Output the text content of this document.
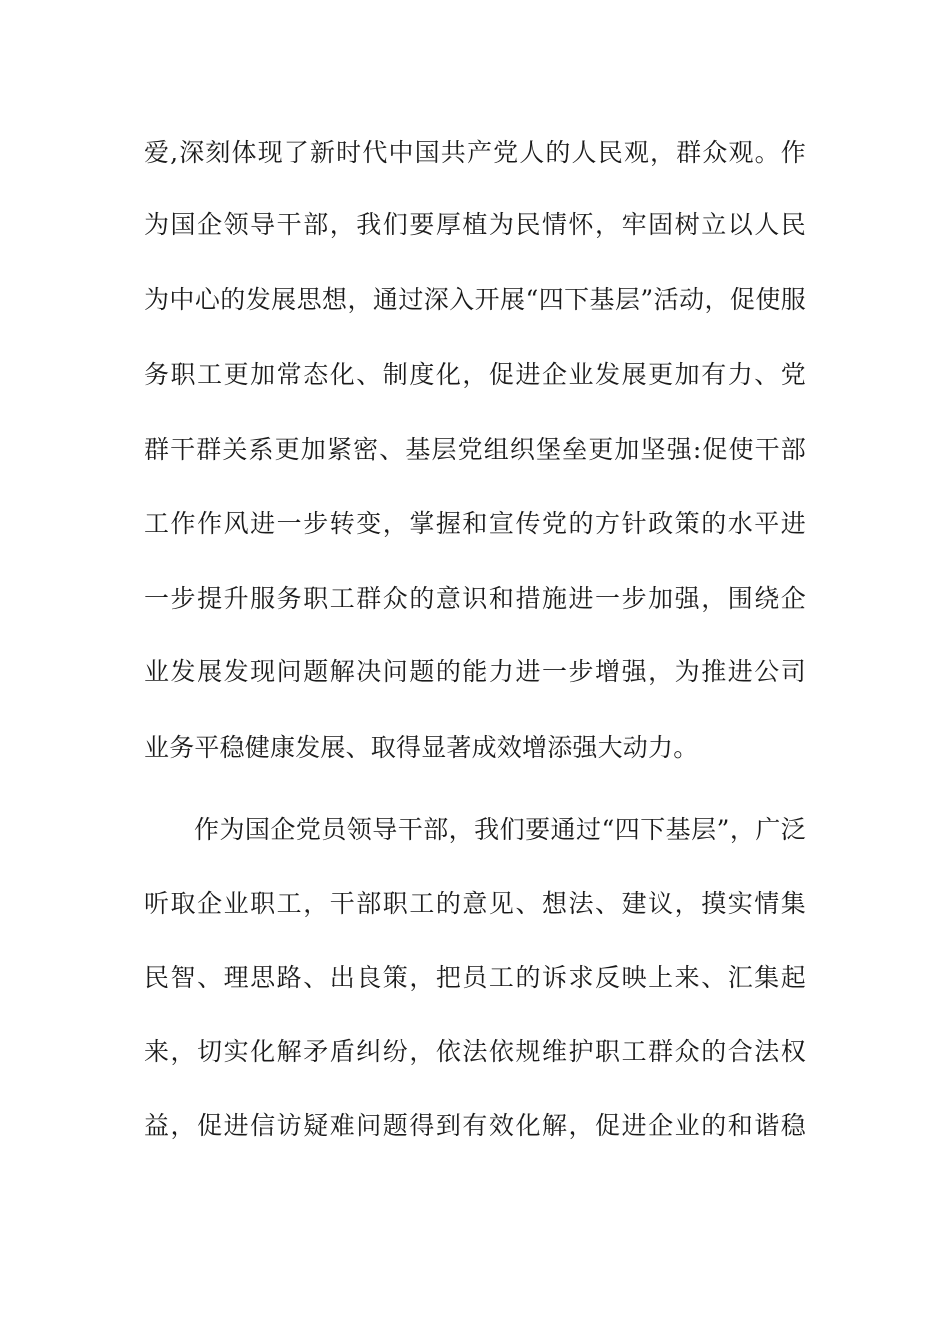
爱,深刻体现了新时代中国共产党人的人民观，群众观。作
为国企领导干部，我们要厚植为民情怀，牢固树立以人民
为中心的发展思想，通过深入开展“四下基层”活动，促使服
务职工更加常态化、制度化，促进企业发展更加有力、党
群干群关系更加紧密、基层党组织堡垒更加坚强:促使干部
工作作风进一步转变，掌握和宣传党的方针政策的水平进
一步提升服务职工群众的意识和措施进一步加强，围绕企
业发展发现问题解决问题的能力进一步增强，为推进公司
业务平稳健康发展、取得显著成效增添强大动力。
作为国企党员领导干部，我们要通过“四下基层”，广泛
听取企业职工，干部职工的意见、想法、建议，摸实情集
民智、理思路、出良策，把员工的诉求反映上来、汇集起
来，切实化解矛盾纠纷，依法依规维护职工群众的合法权
益，促进信访疑难问题得到有效化解，促进企业的和谐稳
